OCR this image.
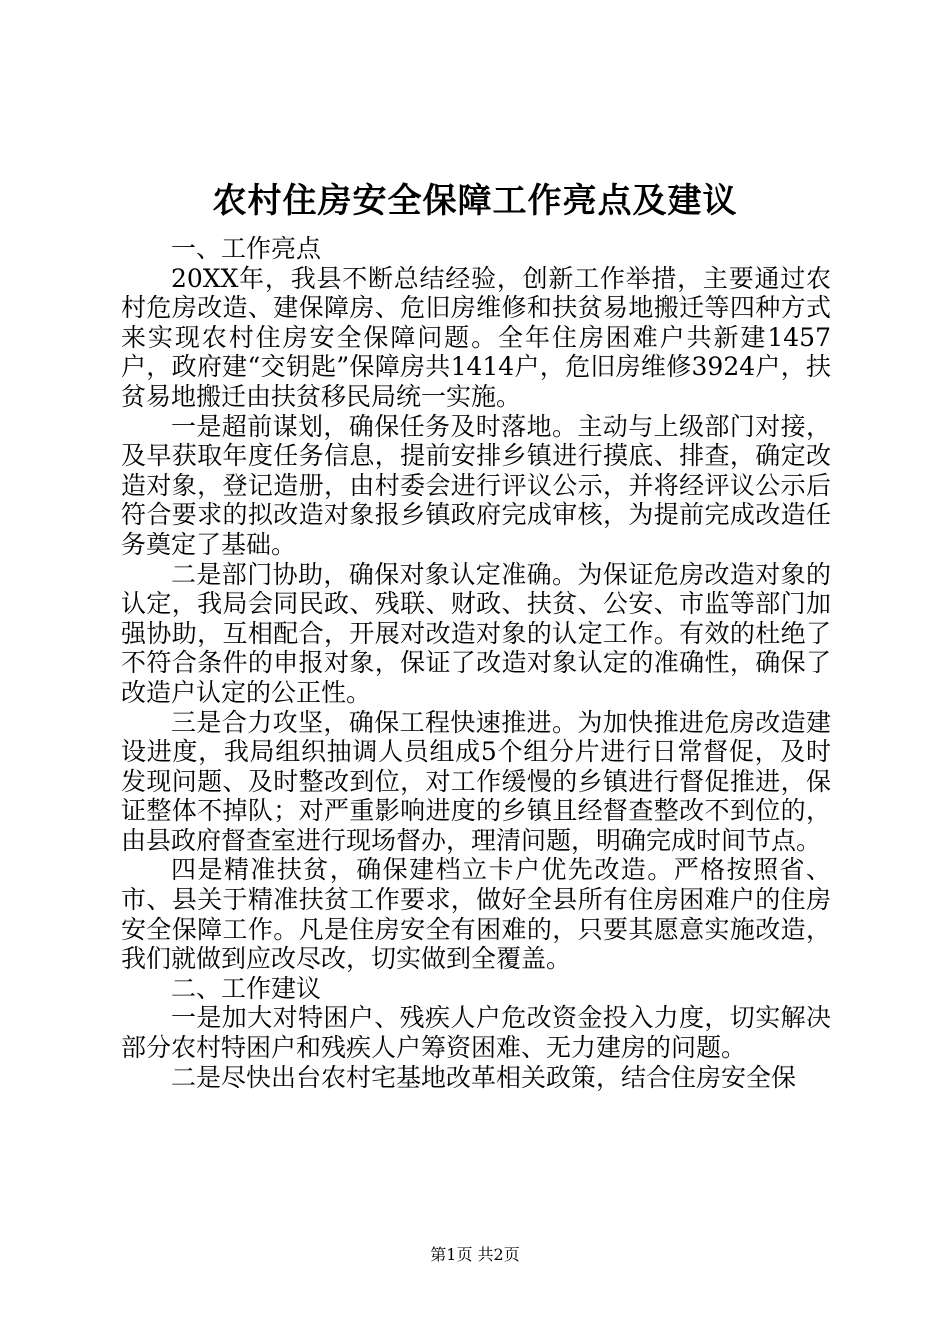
农村住房安全保障工作亮点及建议

一、工作亮点

20XX年，我县不断总结经验，创新工作举措，主要通过农村危房改造、建保障房、危旧房维修和扶贫易地搬迁等四种方式来实现农村住房安全保障问题。全年住房困难户共新建1457户，政府建“交钥匙”保障房共1414户，危旧房维修3924户，扶贫易地搬迁由扶贫移民局统一实施。

一是超前谋划，确保任务及时落地。主动与上级部门对接，及早获取年度任务信息，提前安排乡镇进行摸底、排查，确定改造对象，登记造册，由村委会进行评议公示，并将经评议公示后符合要求的拟改造对象报乡镇政府完成审核，为提前完成改造任务奠定了基础。

二是部门协助，确保对象认定准确。为保证危房改造对象的认定，我局会同民政、残联、财政、扶贫、公安、市监等部门加强协助，互相配合，开展对改造对象的认定工作。有效的杜绝了不符合条件的申报对象，保证了改造对象认定的准确性，确保了改造户认定的公正性。

三是合力攻坚，确保工程快速推进。为加快推进危房改造建设进度，我局组织抽调人员组成5个组分片进行日常督促，及时发现问题、及时整改到位，对工作缓慢的乡镇进行督促推进，保证整体不掉队；对严重影响进度的乡镇且经督查整改不到位的，由县政府督查室进行现场督办，理清问题，明确完成时间节点。

四是精准扶贫，确保建档立卡户优先改造。严格按照省、市、县关于精准扶贫工作要求，做好全县所有住房困难户的住房安全保障工作。凡是住房安全有困难的，只要其愿意实施改造，我们就做到应改尽改，切实做到全覆盖。

二、工作建议

一是加大对特困户、残疾人户危改资金投入力度，切实解决部分农村特困户和残疾人户筹资困难、无力建房的问题。

二是尽快出台农村宅基地改革相关政策，结合住房安全保

第1页 共2页
